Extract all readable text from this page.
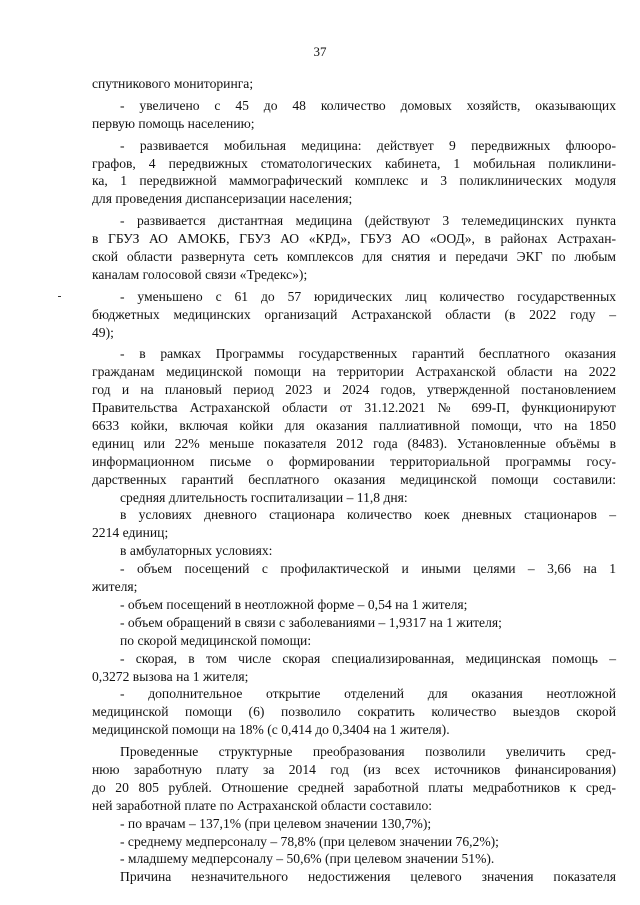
37
спутникового мониторинга;
- увеличено с 45 до 48 количество домовых хозяйств, оказывающих
первую помощь населению;
- развивается мобильная медицина: действует 9 передвижных флюоро-
графов, 4 передвижных стоматологических кабинета, 1 мобильная поликлини-
ка, 1 передвижной маммографический комплекс и 3 поликлинических модуля
для проведения диспансеризации населения;
- развивается дистантная медицина (действуют 3 телемедицинских пункта
в ГБУЗ АО АМОКБ, ГБУЗ АО «КРД», ГБУЗ АО «ООД», в районах Астрахан-
ской области развернута сеть комплексов для снятия и передачи ЭКГ по любым
каналам голосовой связи «Тредекс»);
- уменьшено с 61 до 57 юридических лиц количество государственных
бюджетных медицинских организаций Астраханской области (в 2022 году –
49);
- в рамках Программы государственных гарантий бесплатного оказания
гражданам медицинской помощи на территории Астраханской области на 2022
год и на плановый период 2023 и 2024 годов, утвержденной постановлением
Правительства Астраханской области от 31.12.2021 № 699-П, функционируют
6633 койки, включая койки для оказания паллиативной помощи, что на 1850
единиц или 22% меньше показателя 2012 года (8483). Установленные объёмы в
информационном письме о формировании территориальной программы госу-
дарственных гарантий бесплатного оказания медицинской помощи составили:
средняя длительность госпитализации – 11,8 дня:
в условиях дневного стационара количество коек дневных стационаров –
2214 единиц;
в амбулаторных условиях:
- объем посещений с профилактической и иными целями – 3,66 на 1
жителя;
- объем посещений в неотложной форме – 0,54 на 1 жителя;
- объем обращений в связи с заболеваниями – 1,9317 на 1 жителя;
по скорой медицинской помощи:
- скорая, в том числе скорая специализированная, медицинская помощь –
0,3272 вызова на 1 жителя;
- дополнительное открытие отделений для оказания неотложной
медицинской помощи (6) позволило сократить количество выездов скорой
медицинской помощи на 18% (с 0,414 до 0,3404 на 1 жителя).
Проведенные структурные преобразования позволили увеличить сред-
нюю заработную плату за 2014 год (из всех источников финансирования)
до 20 805 рублей. Отношение средней заработной платы медработников к сред-
ней заработной плате по Астраханской области составило:
- по врачам – 137,1% (при целевом значении 130,7%);
- среднему медперсоналу – 78,8% (при целевом значении 76,2%);
- младшему медперсоналу – 50,6% (при целевом значении 51%).
Причина незначительного недостижения целевого значения показателя
